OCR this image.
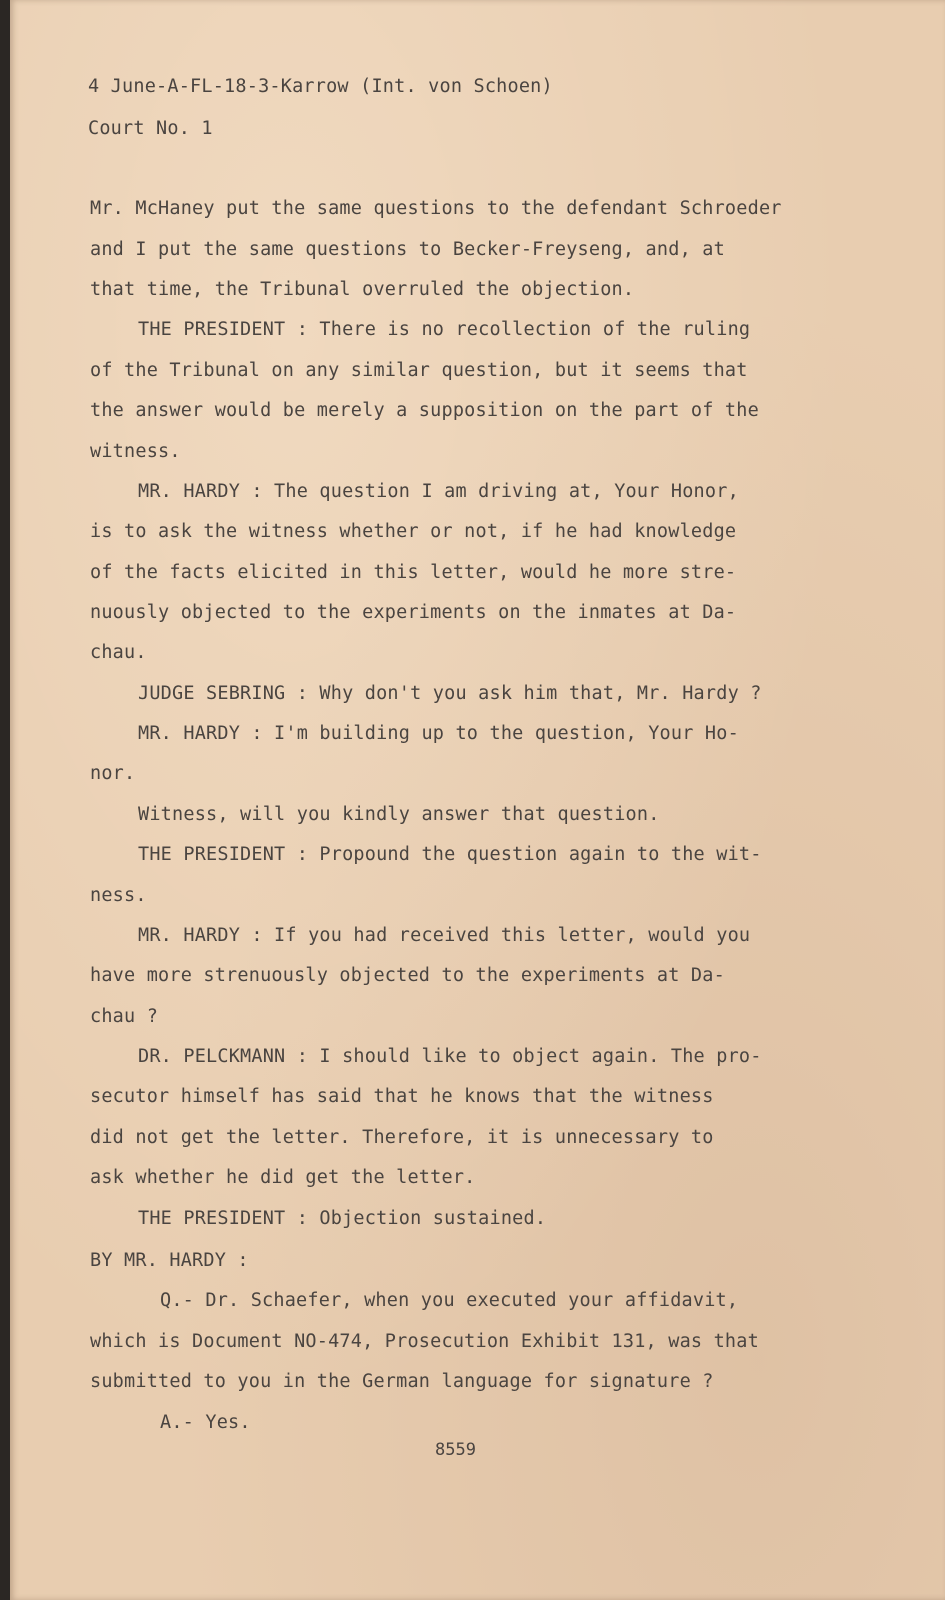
4 June-A-FL-18-3-Karrow (Int. von Schoen)
Court No. 1
Mr. McHaney put the same questions to the defendant Schroeder
and I put the same questions to Becker-Freyseng, and, at
that time, the Tribunal overruled the objection.
THE PRESIDENT : There is no recollection of the ruling
of the Tribunal on any similar question, but it seems that
the answer would be merely a supposition on the part of the
witness.
MR. HARDY : The question I am driving at, Your Honor,
is to ask the witness whether or not, if he had knowledge
of the facts elicited in this letter, would he more stre-
nuously objected to the experiments on the inmates at Da-
chau.
JUDGE SEBRING : Why don't you ask him that, Mr. Hardy ?
MR. HARDY : I'm building up to the question, Your Ho-
nor.
Witness, will you kindly answer that question.
THE PRESIDENT : Propound the question again to the wit-
ness.
MR. HARDY : If you had received this letter, would you
have more strenuously objected to the experiments at Da-
chau ?
DR. PELCKMANN : I should like to object again. The pro-
secutor himself has said that he knows that the witness
did not get the letter. Therefore, it is unnecessary to
ask whether he did get the letter.
THE PRESIDENT : Objection sustained.
BY MR. HARDY :
Q.- Dr. Schaefer, when you executed your affidavit,
which is Document NO-474, Prosecution Exhibit 131, was that
submitted to you in the German language for signature ?
A.- Yes.
8559
